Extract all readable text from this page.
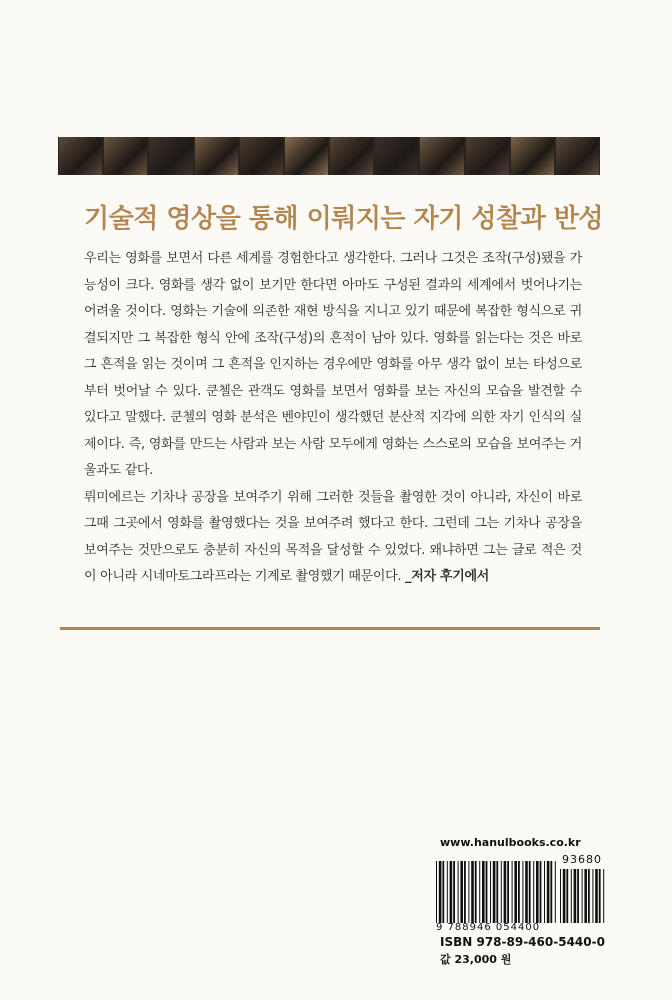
기술적 영상을 통해 이뤄지는 자기 성찰과 반성

우리는 영화를 보면서 다른 세계를 경험한다고 생각한다. 그러나 그것은 조작(구성)됐을 가능성이 크다. 영화를 생각 없이 보기만 한다면 아마도 구성된 결과의 세계에서 벗어나기는 어려울 것이다. 영화는 기술에 의존한 재현 방식을 지니고 있기 때문에 복잡한 형식으로 귀결되지만 그 복잡한 형식 안에 조작(구성)의 흔적이 남아 있다. 영화를 읽는다는 것은 바로 그 흔적을 읽는 것이며 그 흔적을 인지하는 경우에만 영화를 아무 생각 없이 보는 타성으로부터 벗어날 수 있다. 쿤첼은 관객도 영화를 보면서 영화를 보는 자신의 모습을 발견할 수 있다고 말했다. 쿤첼의 영화 분석은 벤야민이 생각했던 분산적 지각에 의한 자기 인식의 실제이다. 즉, 영화를 만드는 사람과 보는 사람 모두에게 영화는 스스로의 모습을 보여주는 거울과도 같다.

뤼미에르는 기차나 공장을 보여주기 위해 그러한 것들을 촬영한 것이 아니라, 자신이 바로 그때 그곳에서 영화를 촬영했다는 것을 보여주려 했다고 한다. 그런데 그는 기차나 공장을 보여주는 것만으로도 충분히 자신의 목적을 달성할 수 있었다. 왜냐하면 그는 글로 적은 것이 아니라 시네마토그라프라는 기계로 촬영했기 때문이다. _저자 후기에서

www.hanulbooks.co.kr
93680
9 788946 054400
ISBN 978-89-460-5440-0
값 23,000 원
